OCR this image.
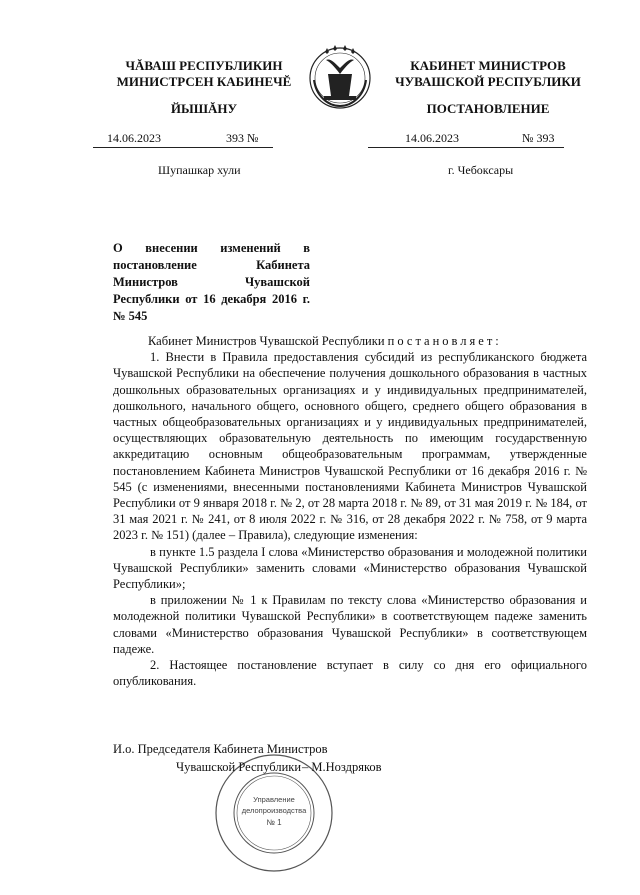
ЧĂВАШ РЕСПУБЛИКИН
МИНИСТРСЕН КАБИНЕЧĔ
ЙЫШĂНУ
КАБИНЕТ МИНИСТРОВ
ЧУВАШСКОЙ РЕСПУБЛИКИ
ПОСТАНОВЛЕНИЕ
14.06.2023	393 №	14.06.2023	№ 393
Шупашкар хули	г. Чебоксары
О внесении изменений в постановление Кабинета Министров Чувашской Республики от 16 декабря 2016 г. № 545

Кабинет Министров Чувашской Республики постановляет:

1. Внести в Правила предоставления субсидий из республиканского бюджета Чувашской Республики на обеспечение получения дошкольного образования в частных дошкольных образовательных организациях и у индивидуальных предпринимателей, дошкольного, начального общего, основного общего, среднего общего образования в частных общеобразовательных организациях и у индивидуальных предпринимателей, осуществляющих образовательную деятельность по имеющим государственную аккредитацию основным общеобразовательным программам, утвержденные постановлением Кабинета Министров Чувашской Республики от 16 декабря 2016 г. № 545 (с изменениями, внесенными постановлениями Кабинета Министров Чувашской Республики от 9 января 2018 г. № 2, от 28 марта 2018 г. № 89, от 31 мая 2019 г. № 184, от 31 мая 2021 г. № 241, от 8 июля 2022 г. № 316, от 28 декабря 2022 г. № 758, от 9 марта 2023 г. № 151) (далее – Правила), следующие изменения:

в пункте 1.5 раздела I слова «Министерство образования и молодежной политики Чувашской Республики» заменить словами «Министерство образования Чувашской Республики»;

в приложении № 1 к Правилам по тексту слова «Министерство образования и молодежной политики Чувашской Республики» в соответствующем падеже заменить словами «Министерство образования Чувашской Республики» в соответствующем падеже.

2. Настоящее постановление вступает в силу со дня его официального опубликования.

Управление
делопроизводства
№ 1
И.о. Председателя Кабинета Министров
Чувашской Республики – М.Ноздряков
